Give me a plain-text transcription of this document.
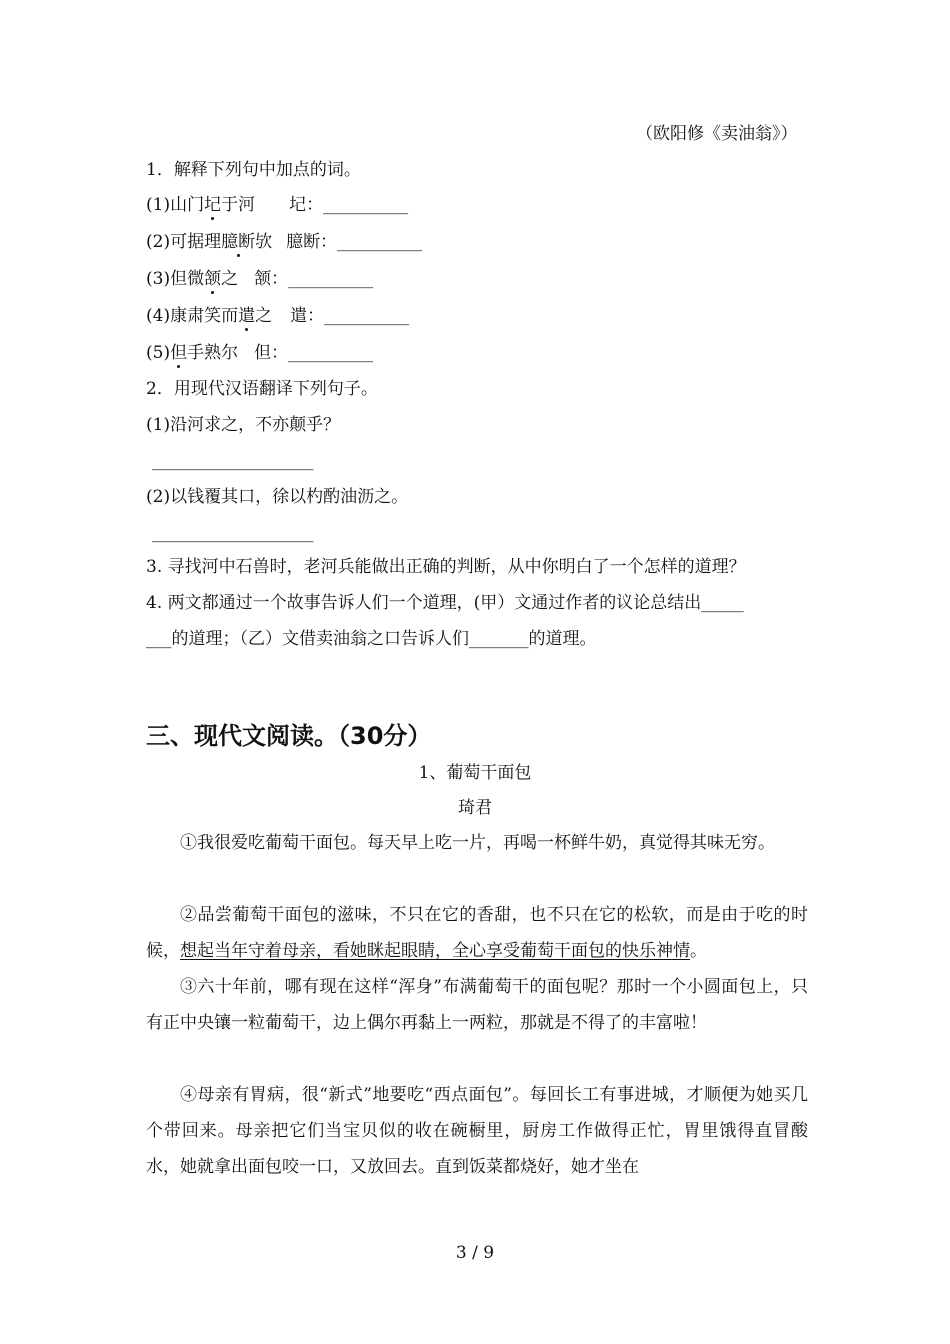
（欧阳修《卖油翁》）
1．解释下列句中加点的词。
(1)山门圮于河 圮：__________
(2)可据理臆断欤 臆断：__________
(3)但微颔之 颔：__________
(4)康肃笑而遣之 遣：__________
(5)但手熟尔 但：__________
2．用现代汉语翻译下列句子。
(1)沿河求之，不亦颠乎？
___________________
(2)以钱覆其口，徐以杓酌油沥之。
___________________
3. 寻找河中石兽时，老河兵能做出正确的判断，从中你明白了一个怎样的道理？
4. 两文都通过一个故事告诉人们一个道理，(甲）文通过作者的议论总结出_____
___的道理；（乙）文借卖油翁之口告诉人们_______的道理。
三、现代文阅读。（30分）
1、葡萄干面包
琦君
①我很爱吃葡萄干面包。每天早上吃一片，再喝一杯鲜牛奶，真觉得其味无穷。
②品尝葡萄干面包的滋味，不只在它的香甜，也不只在它的松软，而是由于吃的时候，想起当年守着母亲，看她眯起眼睛，全心享受葡萄干面包的快乐神情。
③六十年前，哪有现在这样“浑身”布满葡萄干的面包呢？那时一个小圆面包上，只有正中央镶一粒葡萄干，边上偶尔再黏上一两粒，那就是不得了的丰富啦！
④母亲有胃病，很“新式”地要吃“西点面包”。每回长工有事进城，才顺便为她买几个带回来。母亲把它们当宝贝似的收在碗橱里，厨房工作做得正忙，胃里饿得直冒酸水，她就拿出面包咬一口，又放回去。直到饭菜都烧好，她才坐在
3 / 9
